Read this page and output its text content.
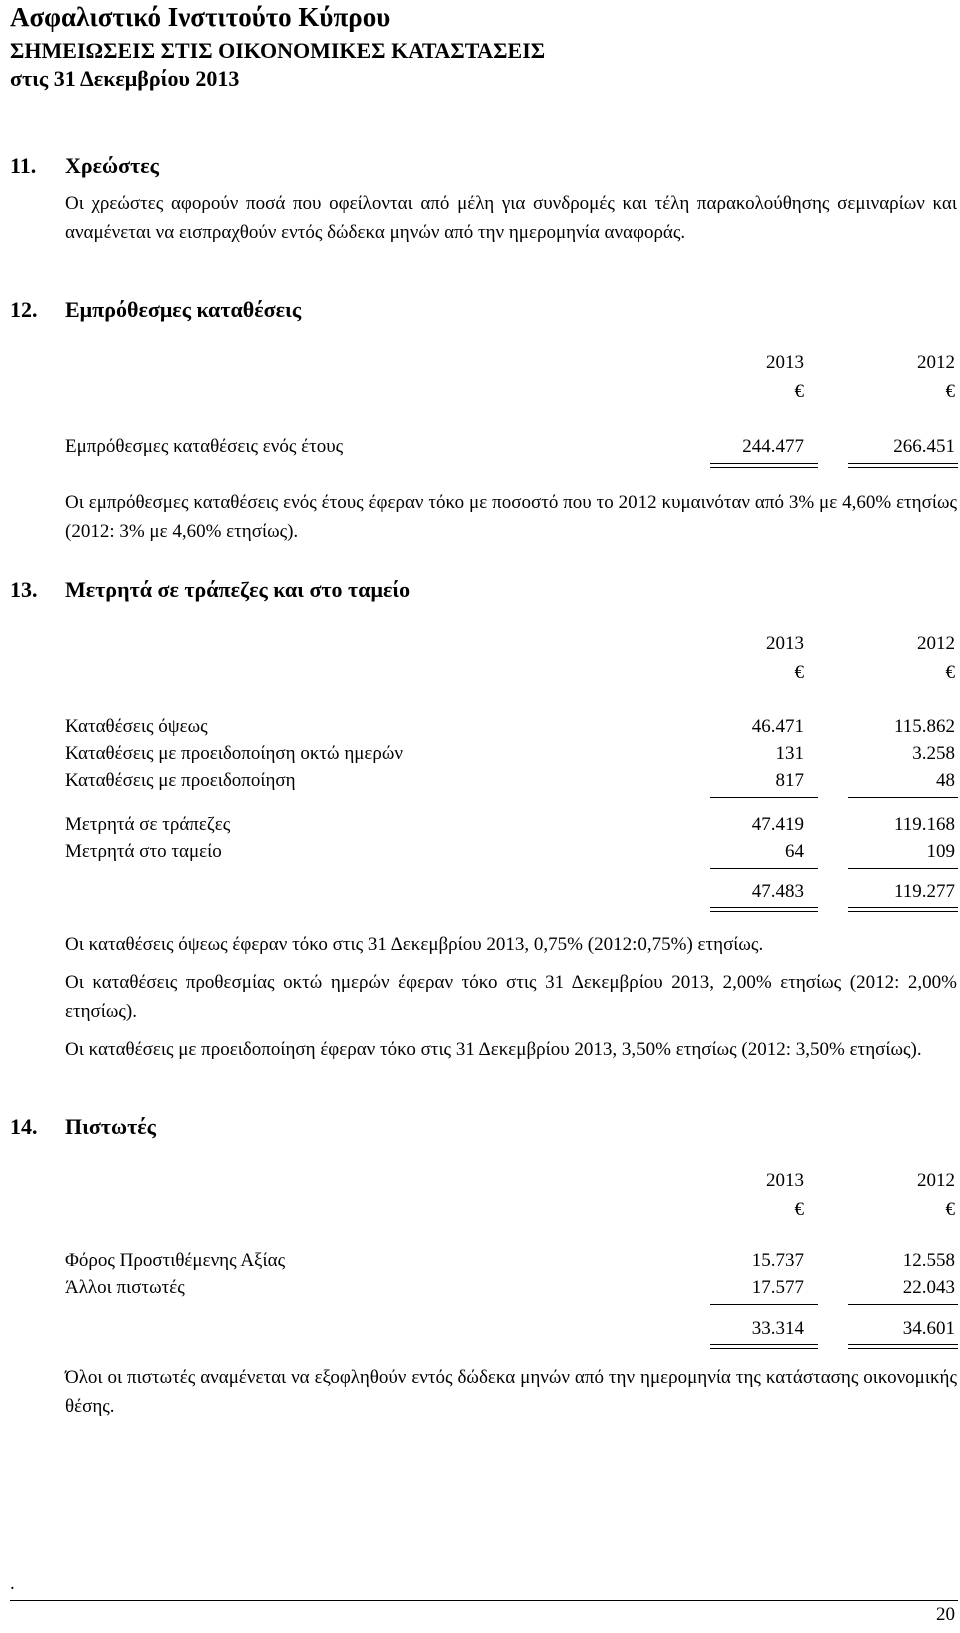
Ασφαλιστικό Ινστιτούτο Κύπρου
ΣΗΜΕΙΩΣΕΙΣ ΣΤΙΣ ΟΙΚΟΝΟΜΙΚΕΣ ΚΑΤΑΣΤΑΣΕΙΣ
στις 31 Δεκεμβρίου 2013
11. Χρεώστες
Οι χρεώστες αφορούν ποσά που οφείλονται από μέλη για συνδρομές και τέλη παρακολούθησης σεμιναρίων και αναμένεται να εισπραχθούν εντός δώδεκα μηνών από την ημερομηνία αναφοράς.
12. Εμπρόθεσμες καταθέσεις
2013	2012
€	€
Εμπρόθεσμες καταθέσεις ενός έτους	244.477	266.451
Οι εμπρόθεσμες καταθέσεις ενός έτους έφεραν τόκο με ποσοστό που το 2012 κυμαινόταν από 3% με 4,60% ετησίως (2012: 3% με 4,60% ετησίως).
13. Μετρητά σε τράπεζες και στο ταμείο
2013	2012
€	€
Καταθέσεις όψεως	46.471	115.862
Καταθέσεις με προειδοποίηση οκτώ ημερών	131	3.258
Καταθέσεις με προειδοποίηση	817	48
Μετρητά σε τράπεζες	47.419	119.168
Μετρητά στο ταμείο	64	109
47.483	119.277
Οι καταθέσεις όψεως έφεραν τόκο στις 31 Δεκεμβρίου 2013, 0,75% (2012:0,75%) ετησίως.
Οι καταθέσεις προθεσμίας οκτώ ημερών έφεραν τόκο στις 31 Δεκεμβρίου 2013, 2,00% ετησίως (2012: 2,00% ετησίως).
Οι καταθέσεις με προειδοποίηση έφεραν τόκο στις 31 Δεκεμβρίου 2013, 3,50% ετησίως (2012: 3,50% ετησίως).
14. Πιστωτές
2013	2012
€	€
Φόρος Προστιθέμενης Αξίας	15.737	12.558
Άλλοι πιστωτές	17.577	22.043
33.314	34.601
Όλοι οι πιστωτές αναμένεται να εξοφληθούν εντός δώδεκα μηνών από την ημερομηνία της κατάστασης οικονομικής θέσης.
.
20
